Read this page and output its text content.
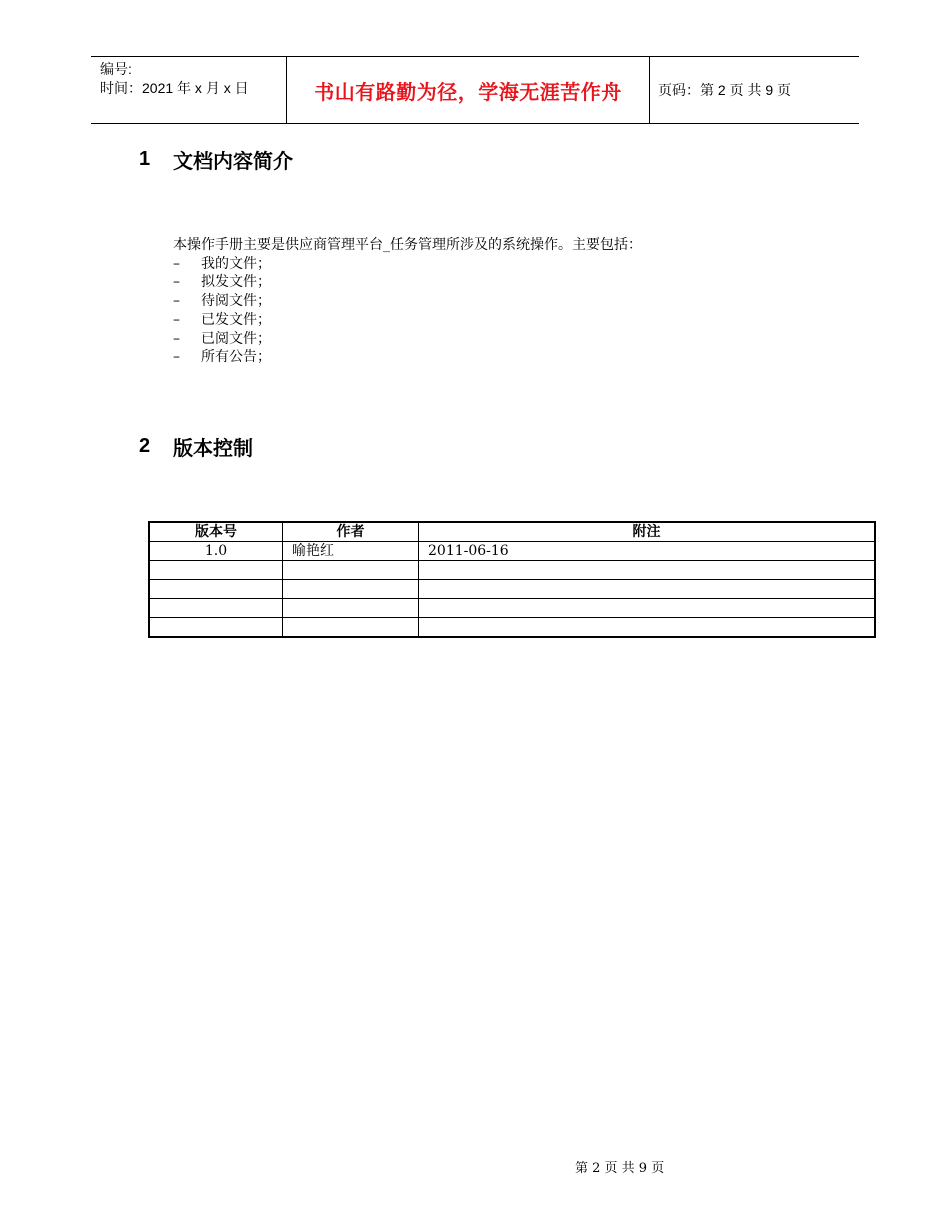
编号:
时间：2021 年 x 月 x 日	书山有路勤为径，学海无涯苦作舟	页码：第 2 页 共 9 页
1	文档内容简介
本操作手册主要是供应商管理平台_任务管理所涉及的系统操作。主要包括：
–	我的文件；
–	拟发文件；
–	待阅文件；
–	已发文件；
–	已阅文件；
–	所有公告；
2	版本控制
版本号	作者	附注
1.0	喻艳红	2011-06-16

第 2 页 共 9 页
